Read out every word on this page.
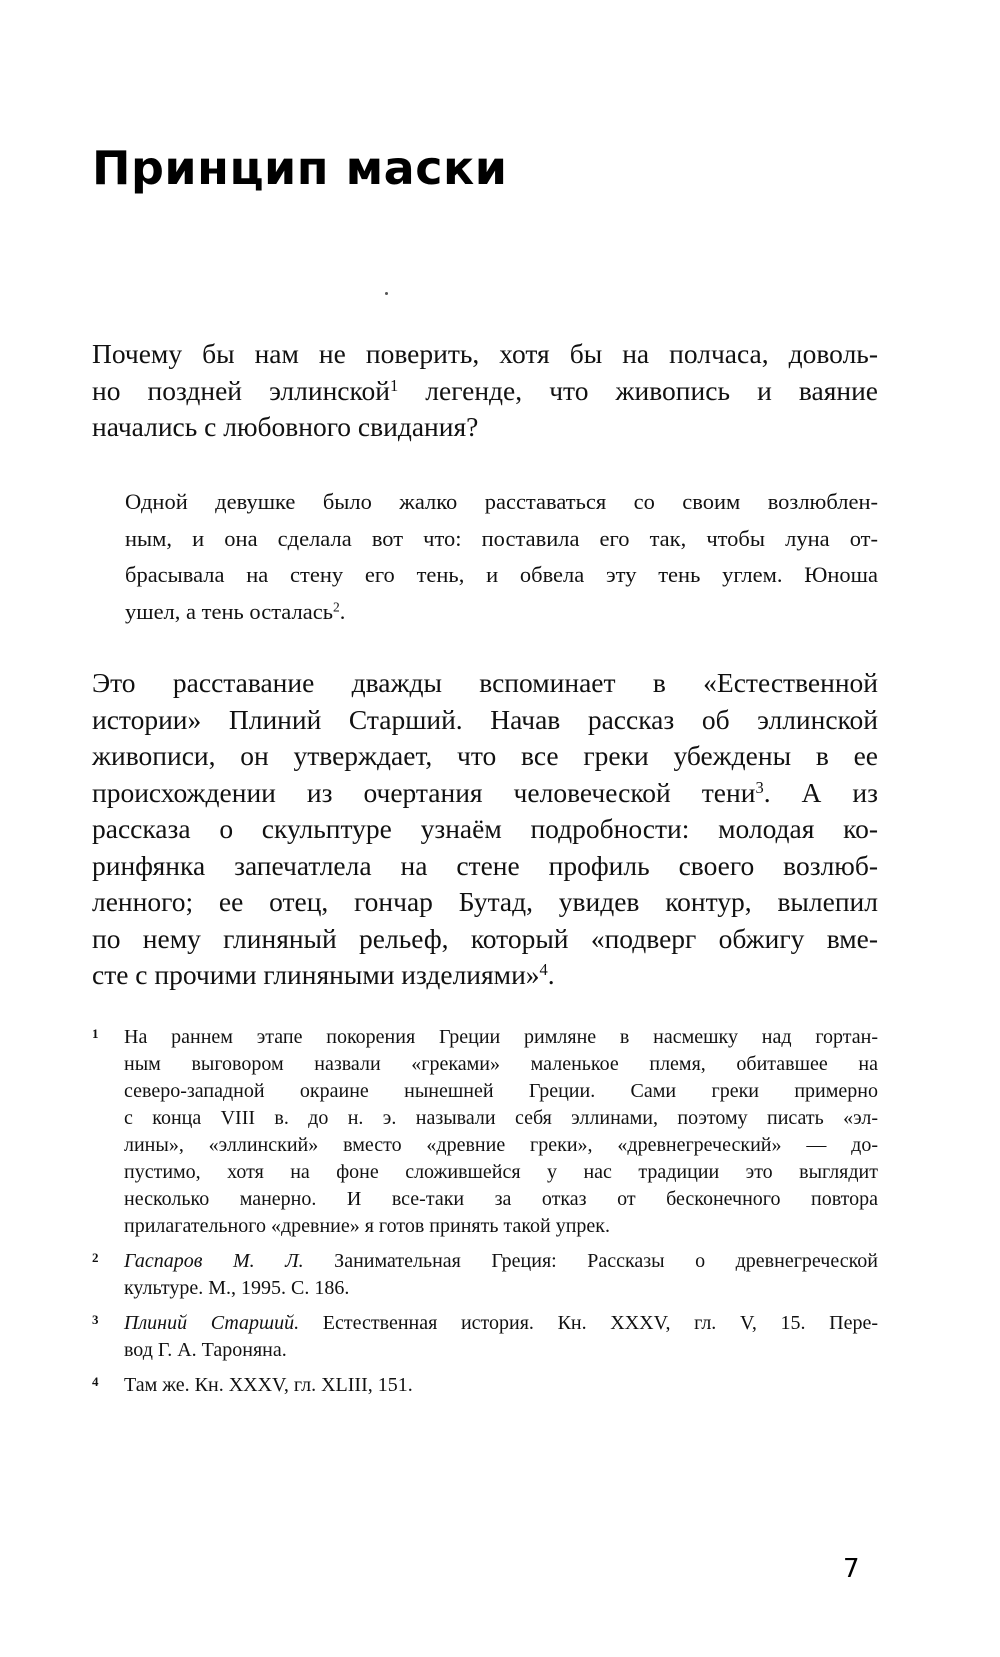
Принцип маски
Почему бы нам не поверить, хотя бы на полчаса, доволь-
но поздней эллинской$^1$ легенде, что живопись и ваяние
начались с любовного свидания?
Одной девушке было жалко расставаться со своим возлюблен-
ным, и она сделала вот что: поставила его так, чтобы луна от-
брасывала на стену его тень, и обвела эту тень углем. Юноша
ушел, а тень осталась$^2$.
Это расставание дважды вспоминает в «Естественной
истории» Плиний Старший. Начав рассказ об эллинской
живописи, он утверждает, что все греки убеждены в ее
происхождении из очертания человеческой тени$^3$. А из
рассказа о скульптуре узнаём подробности: молодая ко-
ринфянка запечатлела на стене профиль своего возлюб-
ленного; ее отец, гончар Бутад, увидев контур, вылепил
по нему глиняный рельеф, который «подверг обжигу вме-
сте с прочими глиняными изделиями»$^4$.
1 На раннем этапе покорения Греции римляне в насмешку над гортан-
ным выговором назвали «греками» маленькое племя, обитавшее на
северо-западной окраине нынешней Греции. Сами греки примерно
с конца VIII в. до н. э. называли себя эллинами, поэтому писать «эл-
лины», «эллинский» вместо «древние греки», «древнегреческий» — до-
пустимо, хотя на фоне сложившейся у нас традиции это выглядит
несколько манерно. И все-таки за отказ от бесконечного повтора
прилагательного «древние» я готов принять такой упрек.
2 Гаспаров М. Л. Занимательная Греция: Рассказы о древнегреческой
культуре. М., 1995. С. 186.
3 Плиний Старший. Естественная история. Кн. XXXV, гл. V, 15. Пере-
вод Г. А. Тароняна.
4 Там же. Кн. XXXV, гл. XLIII, 151.
7
